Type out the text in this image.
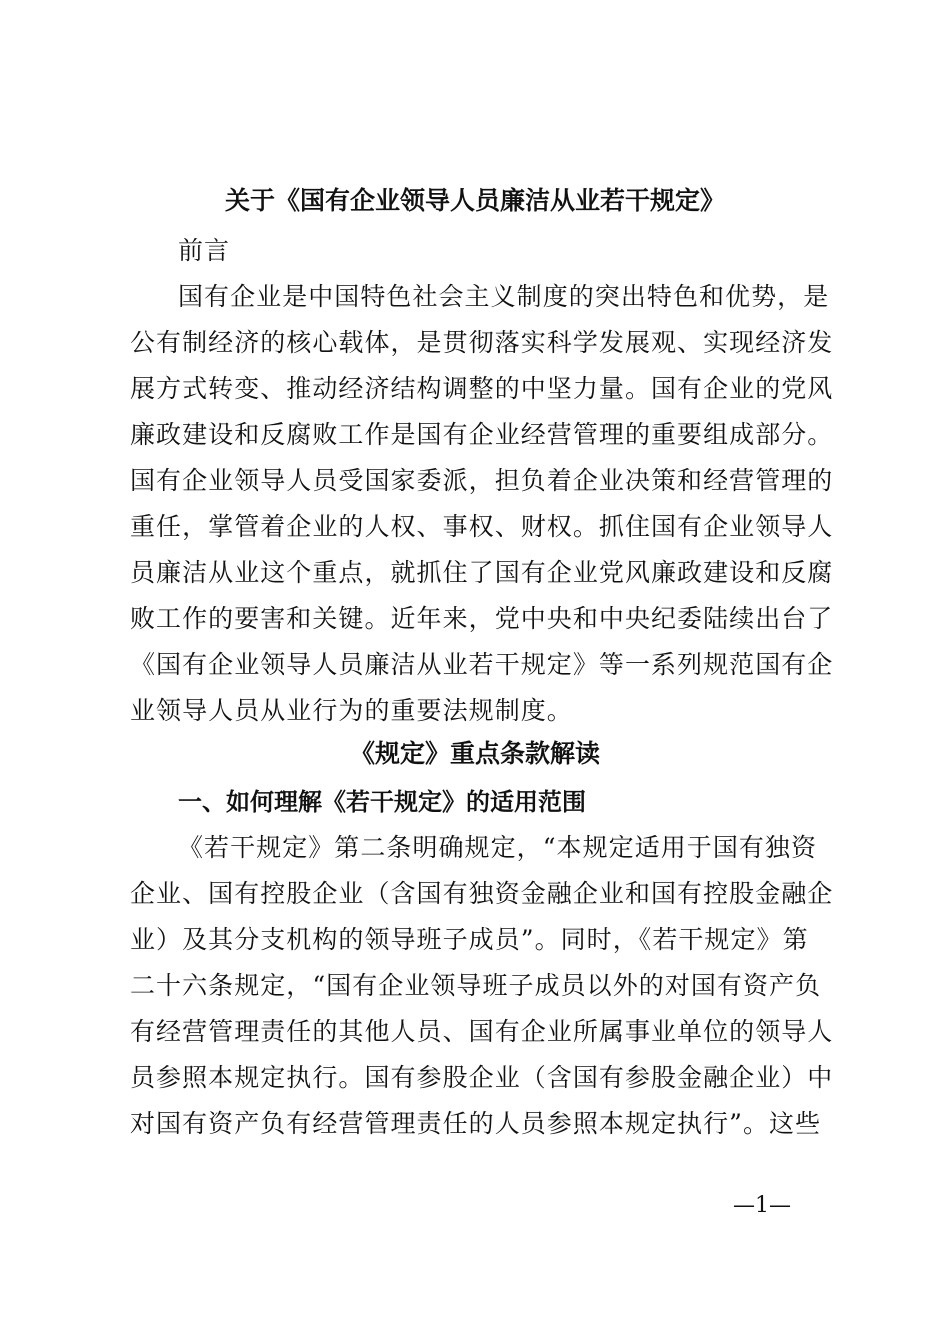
关于《国有企业领导人员廉洁从业若干规定》
前言
国有企业是中国特色社会主义制度的突出特色和优势，是
公有制经济的核心载体，是贯彻落实科学发展观、实现经济发
展方式转变、推动经济结构调整的中坚力量。国有企业的党风
廉政建设和反腐败工作是国有企业经营管理的重要组成部分。
国有企业领导人员受国家委派，担负着企业决策和经营管理的
重任，掌管着企业的人权、事权、财权。抓住国有企业领导人
员廉洁从业这个重点，就抓住了国有企业党风廉政建设和反腐
败工作的要害和关键。近年来，党中央和中央纪委陆续出台了
《国有企业领导人员廉洁从业若干规定》等一系列规范国有企
业领导人员从业行为的重要法规制度。
《规定》重点条款解读
一、如何理解《若干规定》的适用范围
《若干规定》第二条明确规定，“本规定适用于国有独资
企业、国有控股企业（含国有独资金融企业和国有控股金融企
业）及其分支机构的领导班子成员”。同时，《若干规定》第
二十六条规定，“国有企业领导班子成员以外的对国有资产负
有经营管理责任的其他人员、国有企业所属事业单位的领导人
员参照本规定执行。国有参股企业（含国有参股金融企业）中
对国有资产负有经营管理责任的人员参照本规定执行”。这些
—1—
